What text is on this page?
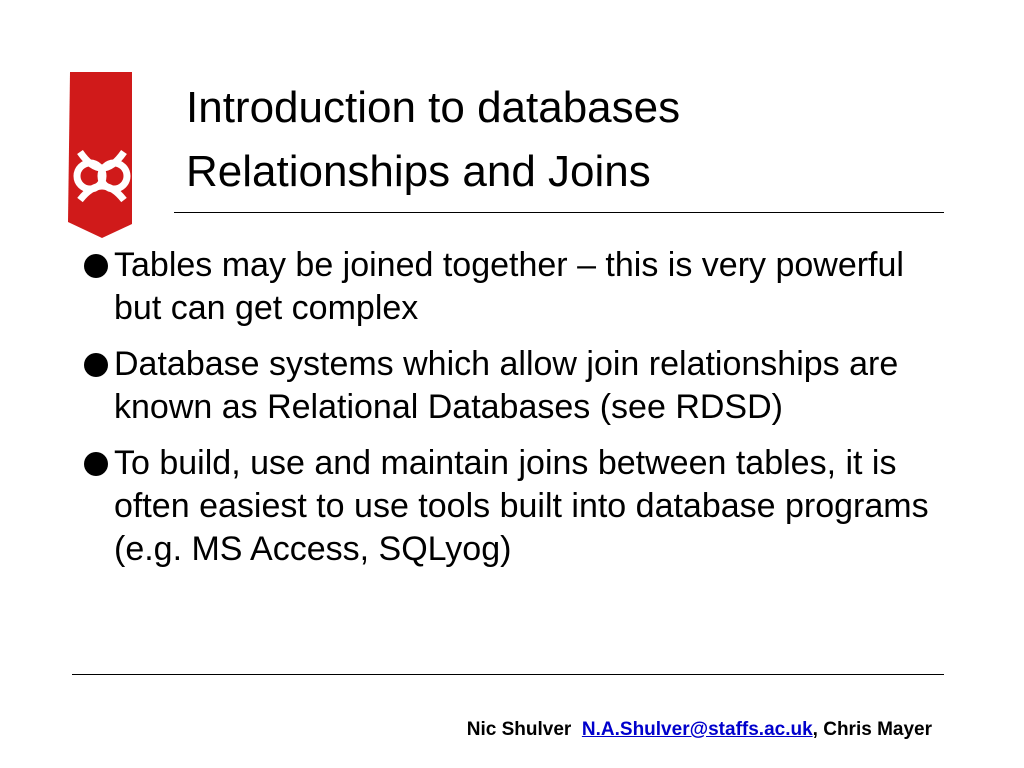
Introduction to databases
Relationships and Joins
Tables may be joined together – this is very powerful but can get complex
Database systems which allow join relationships are known as Relational Databases (see RDSD)
To build, use and maintain joins between tables, it is often easiest to use tools built into database programs (e.g. MS Access, SQLyog)
Nic Shulver N.A.Shulver@staffs.ac.uk, Chris Mayer
